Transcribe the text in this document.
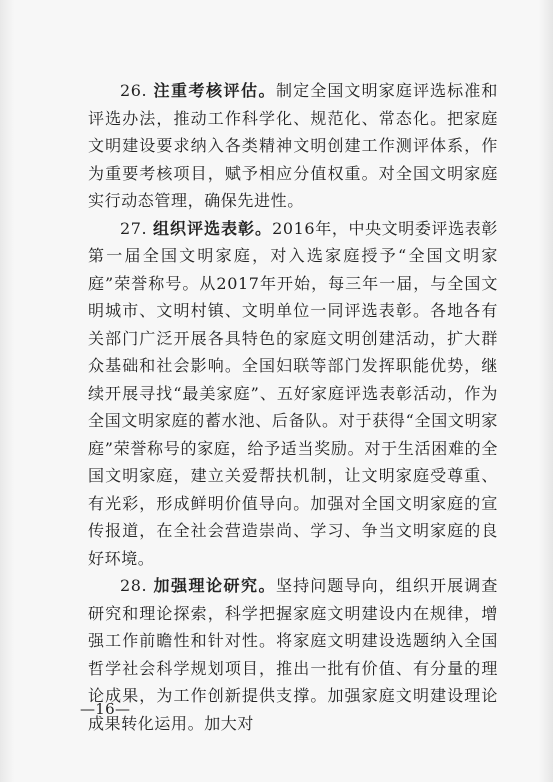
26. 注重考核评估。制定全国文明家庭评选标准和评选办法，推动工作科学化、规范化、常态化。把家庭文明建设要求纳入各类精神文明创建工作测评体系，作为重要考核项目，赋予相应分值权重。对全国文明家庭实行动态管理，确保先进性。

27. 组织评选表彰。2016年，中央文明委评选表彰第一届全国文明家庭，对入选家庭授予“全国文明家庭”荣誉称号。从2017年开始，每三年一届，与全国文明城市、文明村镇、文明单位一同评选表彰。各地各有关部门广泛开展各具特色的家庭文明创建活动，扩大群众基础和社会影响。全国妇联等部门发挥职能优势，继续开展寻找“最美家庭”、五好家庭评选表彰活动，作为全国文明家庭的蓄水池、后备队。对于获得“全国文明家庭”荣誉称号的家庭，给予适当奖励。对于生活困难的全国文明家庭，建立关爱帮扶机制，让文明家庭受尊重、有光彩，形成鲜明价值导向。加强对全国文明家庭的宣传报道，在全社会营造崇尚、学习、争当文明家庭的良好环境。

28. 加强理论研究。坚持问题导向，组织开展调查研究和理论探索，科学把握家庭文明建设内在规律，增强工作前瞻性和针对性。将家庭文明建设选题纳入全国哲学社会科学规划项目，推出一批有价值、有分量的理论成果，为工作创新提供支撑。加强家庭文明建设理论成果转化运用。加大对

—16—
